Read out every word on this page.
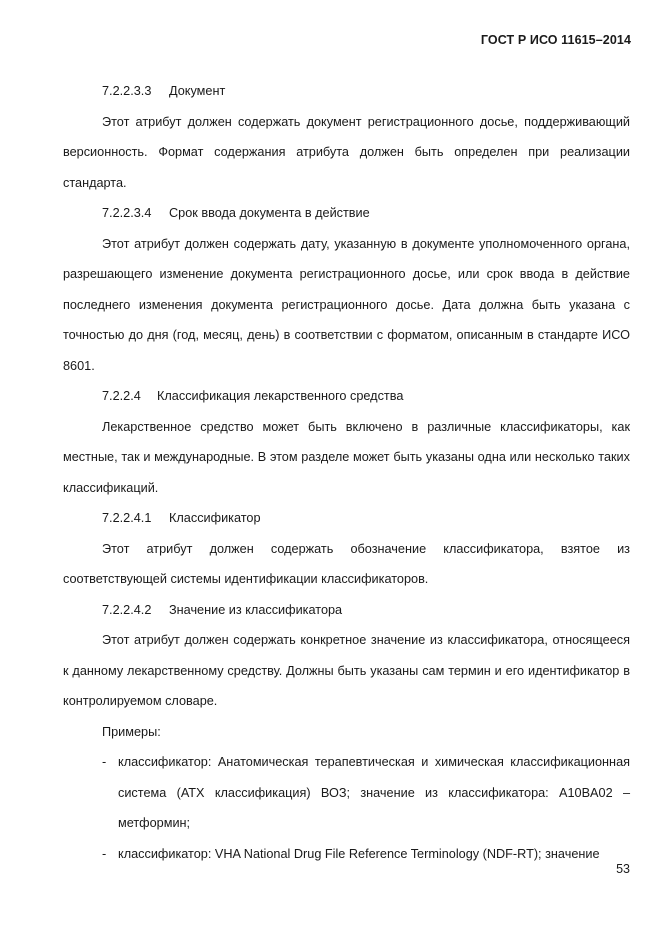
ГОСТ Р ИСО 11615–2014

7.2.2.3.3 Документ

Этот атрибут должен содержать документ регистрационного досье, поддерживающий версионность. Формат содержания атрибута должен быть определен при реализации стандарта.

7.2.2.3.4 Срок ввода документа в действие

Этот атрибут должен содержать дату, указанную в документе уполномоченного органа, разрешающего изменение документа регистрационного досье, или срок ввода в действие последнего изменения документа регистрационного досье. Дата должна быть указана с точностью до дня (год, месяц, день) в соответствии с форматом, описанным в стандарте ИСО 8601.

7.2.2.4 Классификация лекарственного средства

Лекарственное средство может быть включено в различные классификаторы, как местные, так и международные. В этом разделе может быть указаны одна или несколько таких классификаций.

7.2.2.4.1 Классификатор

Этот атрибут должен содержать обозначение классификатора, взятое из соответствующей системы идентификации классификаторов.

7.2.2.4.2 Значение из классификатора

Этот атрибут должен содержать конкретное значение из классификатора, относящееся к данному лекарственному средству. Должны быть указаны сам термин и его идентификатор в контролируемом словаре.

Примеры:

- классификатор: Анатомическая терапевтическая и химическая классификационная система (АТХ классификация) ВОЗ; значение из классификатора: A10BA02 – метформин;

- классификатор: VHA National Drug File Reference Terminology (NDF-RT); значение

53
